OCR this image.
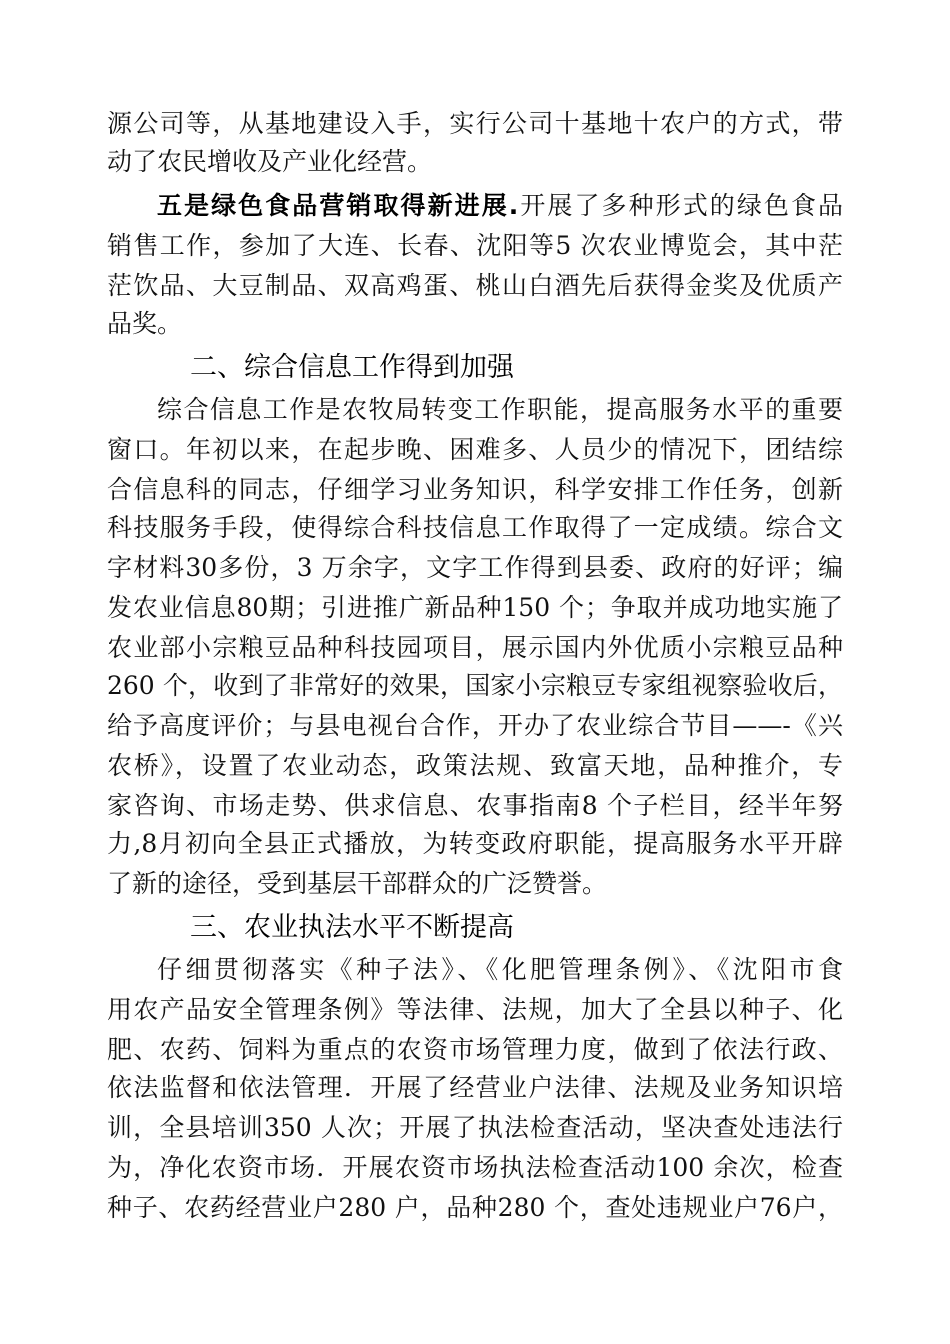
源公司等，从基地建设入手，实行公司十基地十农户的方式，带
动了农民增收及产业化经营。
五是绿色食品营销取得新进展.开展了多种形式的绿色食品
销售工作，参加了大连、长春、沈阳等5 次农业博览会，其中茫
茫饮品、大豆制品、双高鸡蛋、桃山白酒先后获得金奖及优质产
品奖。
二、综合信息工作得到加强
综合信息工作是农牧局转变工作职能，提高服务水平的重要
窗口。年初以来，在起步晚、困难多、人员少的情况下，团结综
合信息科的同志，仔细学习业务知识，科学安排工作任务，创新
科技服务手段，使得综合科技信息工作取得了一定成绩。综合文
字材料30多份，3 万余字，文字工作得到县委、政府的好评；编
发农业信息80期；引进推广新品种150 个；争取并成功地实施了
农业部小宗粮豆品种科技园项目，展示国内外优质小宗粮豆品种
260 个，收到了非常好的效果，国家小宗粮豆专家组视察验收后，
给予高度评价；与县电视台合作，开办了农业综合节目——-《兴
农桥》，设置了农业动态，政策法规、致富天地，品种推介，专
家咨询、市场走势、供求信息、农事指南8 个子栏目，经半年努
力,8月初向全县正式播放，为转变政府职能，提高服务水平开辟
了新的途径，受到基层干部群众的广泛赞誉。
三、农业执法水平不断提高
仔细贯彻落实《种子法》、《化肥管理条例》、《沈阳市食
用农产品安全管理条例》等法律、法规，加大了全县以种子、化
肥、农药、饲料为重点的农资市场管理力度，做到了依法行政、
依法监督和依法管理．开展了经营业户法律、法规及业务知识培
训，全县培训350 人次；开展了执法检查活动，坚决查处违法行
为，净化农资市场．开展农资市场执法检查活动100 余次，检查
种子、农药经营业户280 户，品种280 个，查处违规业户76户，
